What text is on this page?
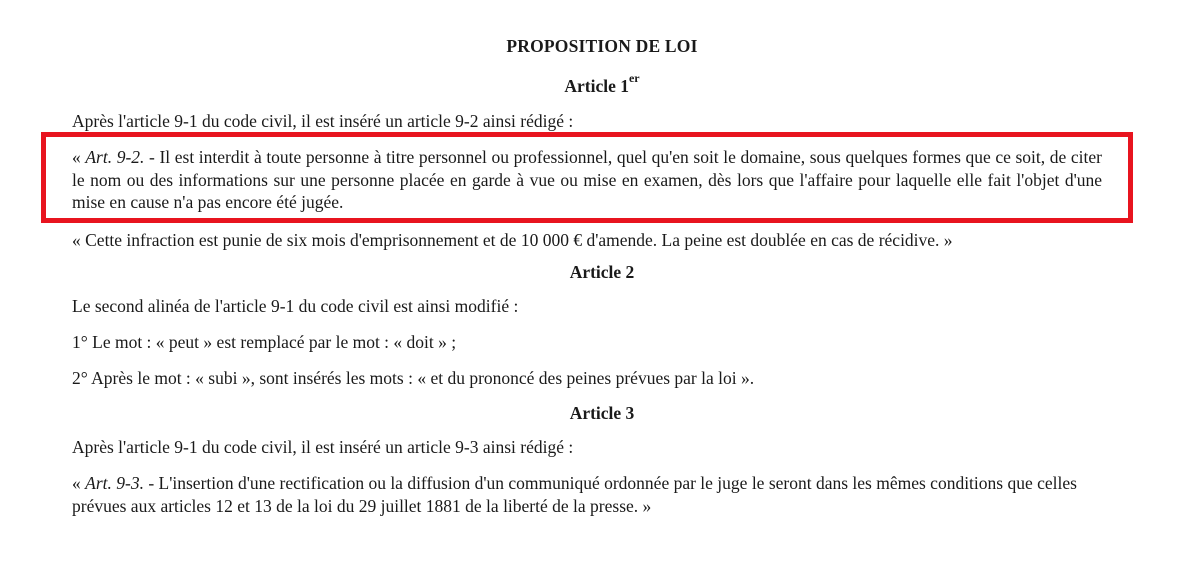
PROPOSITION DE LOI
Article 1er

Après l'article 9-1 du code civil, il est inséré un article 9-2 ainsi rédigé :

« Cette infraction est punie de six mois d'emprisonnement et de 10 000 € d'amende. La peine est doublée en cas de récidive. »

Article 2

Le second alinéa de l'article 9-1 du code civil est ainsi modifié :

1° Le mot : « peut » est remplacé par le mot : « doit » ;

2° Après le mot : « subi », sont insérés les mots : « et du prononcé des peines prévues par la loi ».

Article 3

Après l'article 9-1 du code civil, il est inséré un article 9-3 ainsi rédigé :

« Art. 9-3. - L'insertion d'une rectification ou la diffusion d'un communiqué ordonnée par le juge le seront dans les mêmes conditions que celles prévues aux articles 12 et 13 de la loi du 29 juillet 1881 de la liberté de la presse. »

« Art. 9-2. - Il est interdit à toute personne à titre personnel ou professionnel, quel qu'en soit le domaine, sous quelques formes que ce soit, de citer le nom ou des informations sur une personne placée en garde à vue ou mise en examen, dès lors que l'affaire pour laquelle elle fait l'objet d'une mise en cause n'a pas encore été jugée.
